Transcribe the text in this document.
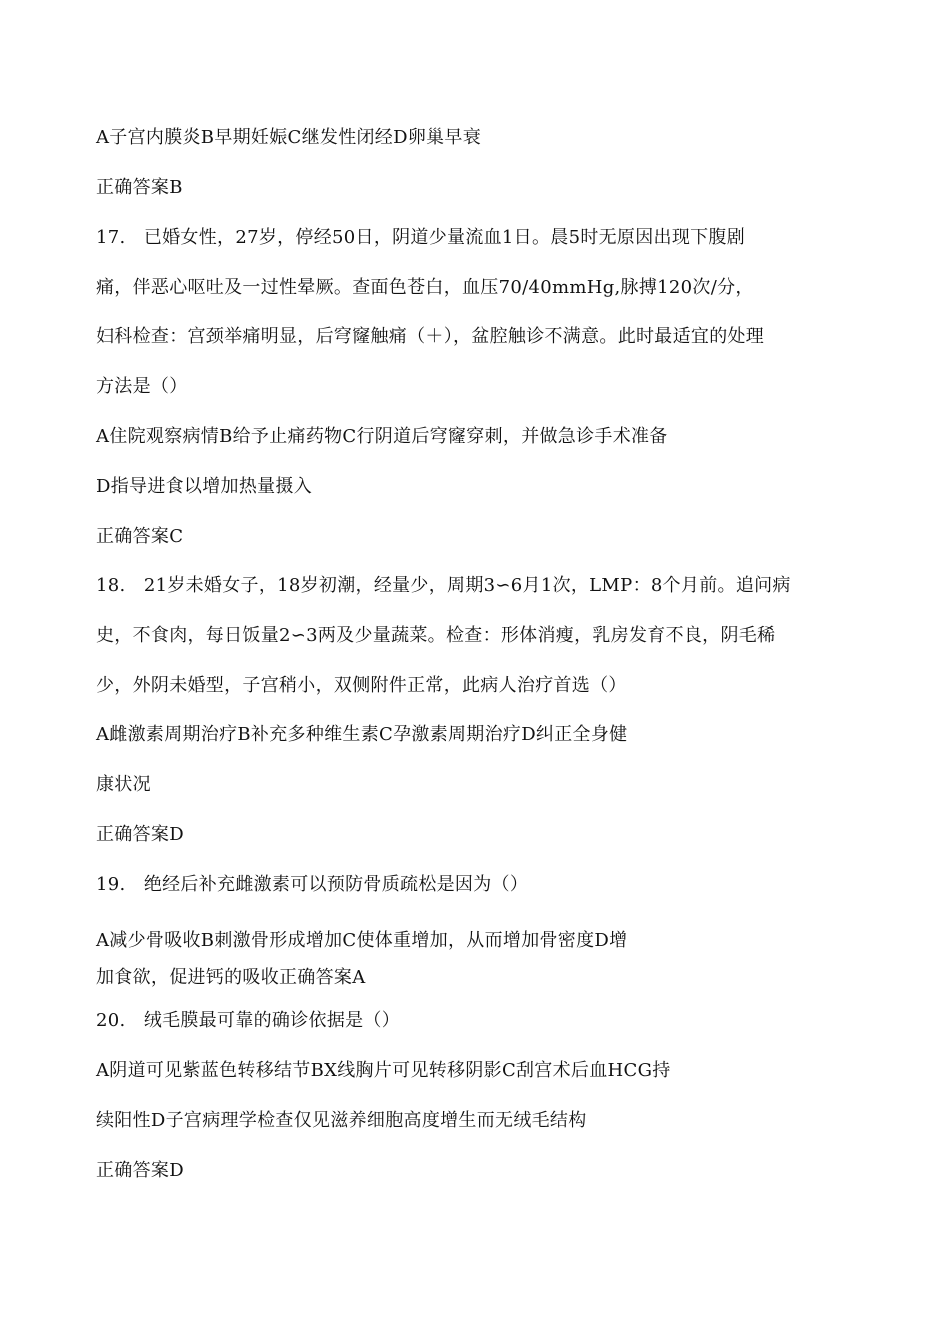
A子宫内膜炎B早期妊娠C继发性闭经D卵巢早衰
正确答案B
17.　已婚女性，27岁，停经50日，阴道少量流血1日。晨5时无原因出现下腹剧
痛，伴恶心呕吐及一过性晕厥。查面色苍白，血压70/40mmHg,脉搏120次/分，
妇科检查：宫颈举痛明显，后穹窿触痛（＋），盆腔触诊不满意。此时最适宜的处理
方法是（）
A住院观察病情B给予止痛药物C行阴道后穹窿穿刺，并做急诊手术准备
D指导进食以增加热量摄入
正确答案C
18.　21岁未婚女子，18岁初潮，经量少，周期3∽6月1次，LMP：8个月前。追问病
史，不食肉，每日饭量2∽3两及少量蔬菜。检查：形体消瘦，乳房发育不良，阴毛稀
少，外阴未婚型，子宫稍小，双侧附件正常，此病人治疗首选（）
A雌激素周期治疗B补充多种维生素C孕激素周期治疗D纠正全身健
康状况
正确答案D
19.　绝经后补充雌激素可以预防骨质疏松是因为（）
A减少骨吸收B刺激骨形成增加C使体重增加，从而增加骨密度D增
加食欲，促进钙的吸收正确答案A
20.　绒毛膜最可靠的确诊依据是（）
A阴道可见紫蓝色转移结节BX线胸片可见转移阴影C刮宫术后血HCG持
续阳性D子宫病理学检查仅见滋养细胞高度增生而无绒毛结构
正确答案D
